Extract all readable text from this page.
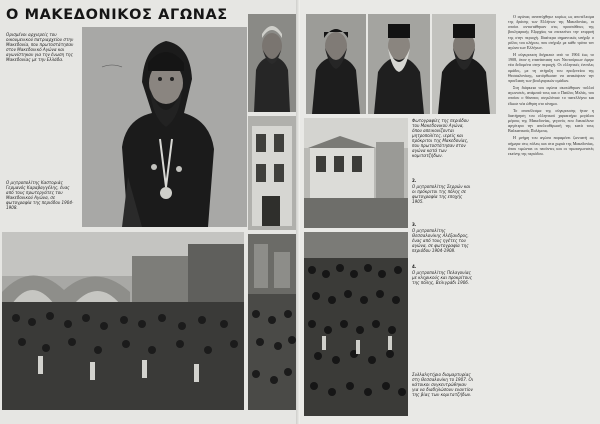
Ο ΜΑΚΕΔΟΝΙΚΟΣ ΑΓΩΝΑΣ

Ορισμένοι αρχιερείς του οικουμενικού πατριαρχείου στην Μακεδονία, που πρωτοστάτησαν στον Μακεδονικό Αγώνα και αγωνίστηκαν για την ένωση της Μακεδονίας με την Ελλάδα.

Ο μητροπολίτης Καστοριάς Γερμανός Καραβαγγέλης, ένας από τους πρωτεργάτες του Μακεδονικού Αγώνα, σε φωτογραφία της περιόδου 1904-1908.

Φωτογραφίες της περιόδου του Μακεδονικού Αγώνα, όπου απεικονίζονται μητροπολίτες, ιερείς και πρόκριτοι της Μακεδονίας, που πρωτοστάτησαν στον αγώνα κατά των κομιτατζήδων.

2.

Ο μητροπολίτης Σερρών και οι πρόκριτοι της πόλης σε φωτογραφία της εποχής 1905.

3.

Ο μητροπολίτης Θεσσαλονίκης Αλέξανδρος, ένας από τους ηγέτες του αγώνα, σε φωτογραφία της περιόδου 1904-1908.

4.

Ο μητροπολίτης Πελαγονίας με κληρικούς και προκρίτους της πόλης, Βελιγράδι 1906.

Συλλαλητήριο διαμαρτυρίας στη Θεσσαλονίκη το 1907. Οι κάτοικοι συγκεντρώθηκαν για να διαδηλώσουν εναντίον της βίας των κομιτατζήδων.

Ο αγώνας αναπτύχθηκε κυρίως ως αποτέλεσμα της δράσης των Ελλήνων της Μακεδονίας, οι οποίοι αντιστάθηκαν στις προσπάθειες της βουλγαρικής Εξαρχίας να επεκτείνει την επιρροή της στην περιοχή. Ιδιαίτερα σημαντικός υπήρξε ο ρόλος του κλήρου, που στήριξε με κάθε τρόπο τον αγώνα των Ελλήνων.

Η σύγκρουση διήρκεσε από το 1904 έως το 1908, όταν η επανάσταση των Νεοτούρκων έφερε νέα δεδομένα στην περιοχή. Οι ελληνικές ένοπλες ομάδες, με τη στήριξη του προξενείου της Θεσσαλονίκης, κατόρθωσαν να ανακόψουν την προέλαση των βουλγαρικών ομάδων.

Στη διάρκεια του αγώνα σκοτώθηκαν πολλοί αγωνιστές, ανάμεσά τους και ο Παύλος Μελάς, του οποίου ο θάνατος συγκλόνισε το πανελλήνιο και έδωσε νέα ώθηση στο κίνημα.

Το αποτέλεσμα της σύγκρουσης ήταν η διατήρηση του ελληνικού χαρακτήρα μεγάλου μέρους της Μακεδονίας, γεγονός που διευκόλυνε αργότερα την απελευθέρωσή της κατά τους Βαλκανικούς Πολέμους.

Η μνήμη του αγώνα παραμένει ζωντανή ως σήμερα στις πόλεις και στα χωριά της Μακεδονίας, όπου τιμώνται οι πεσόντες και οι πρωταγωνιστές εκείνης της περιόδου.
